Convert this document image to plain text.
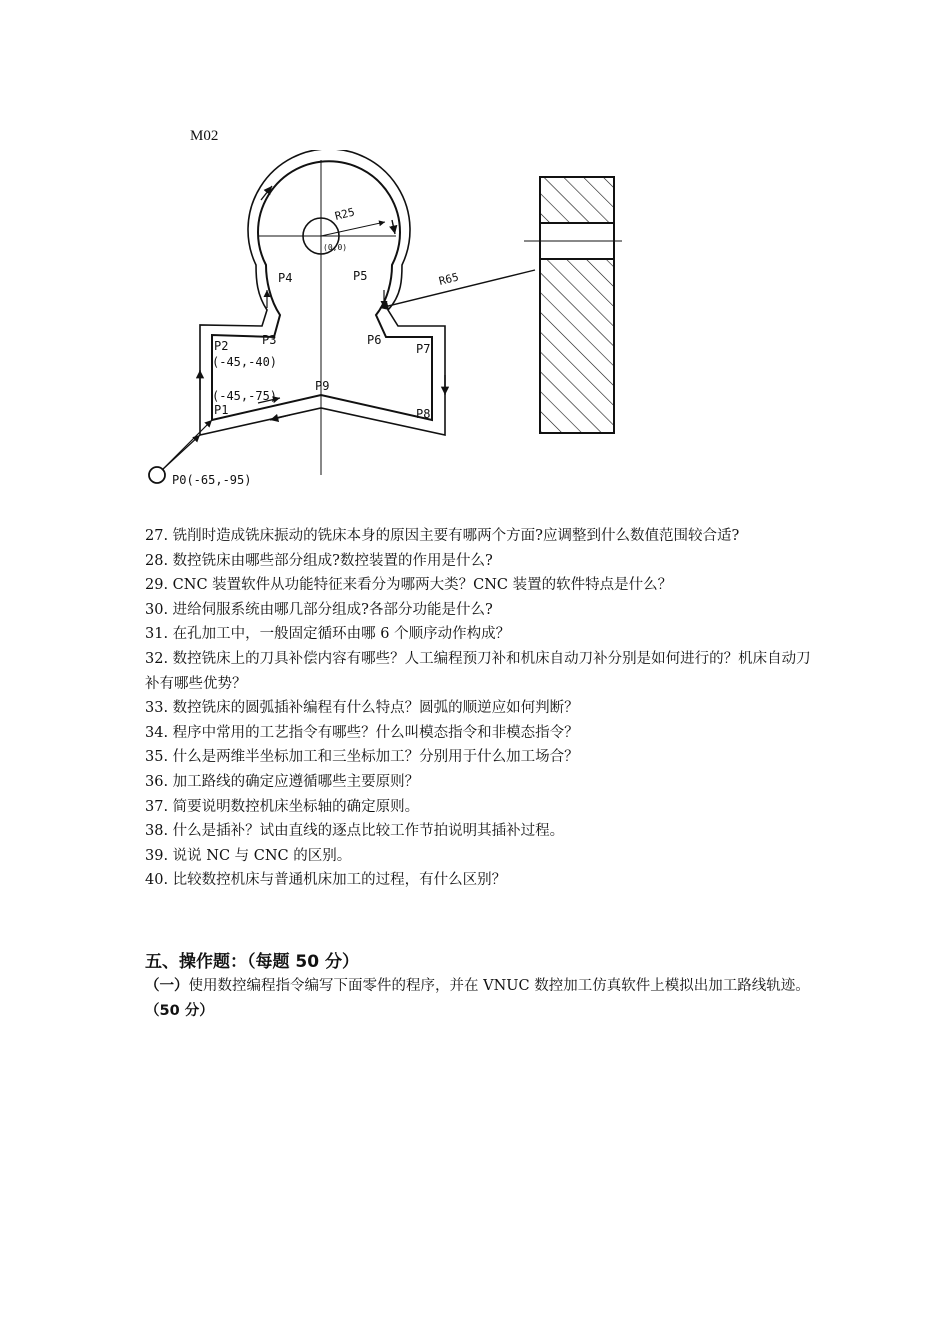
M02
R25
(0,0)
R65
P0(-65,-95)
P1
(-45,-75)
P2
(-45,-40)
P3
P4	P5
P6
P7
P8
P9

27. 铣削时造成铣床振动的铣床本身的原因主要有哪两个方面?应调整到什么数值范围较合适?

28. 数控铣床由哪些部分组成?数控装置的作用是什么?

29. CNC 装置软件从功能特征来看分为哪两大类？CNC 装置的软件特点是什么？

30. 进给伺服系统由哪几部分组成?各部分功能是什么?

31. 在孔加工中，一般固定循环由哪 6 个顺序动作构成？

32. 数控铣床上的刀具补偿内容有哪些？人工编程预刀补和机床自动刀补分别是如何进行的？机床自动刀补有哪些优势？

33. 数控铣床的圆弧插补编程有什么特点？圆弧的顺逆应如何判断？

34. 程序中常用的工艺指令有哪些？什么叫模态指令和非模态指令？

35. 什么是两维半坐标加工和三坐标加工？分别用于什么加工场合？

36. 加工路线的确定应遵循哪些主要原则？

37. 简要说明数控机床坐标轴的确定原则。

38. 什么是插补？试由直线的逐点比较工作节拍说明其插补过程。

39. 说说 NC 与 CNC 的区别。

40. 比较数控机床与普通机床加工的过程，有什么区别？

五、操作题：（每题 50 分）
（一）使用数控编程指令编写下面零件的程序，并在 VNUC 数控加工仿真软件上模拟出加工路线轨迹。（50 分）
